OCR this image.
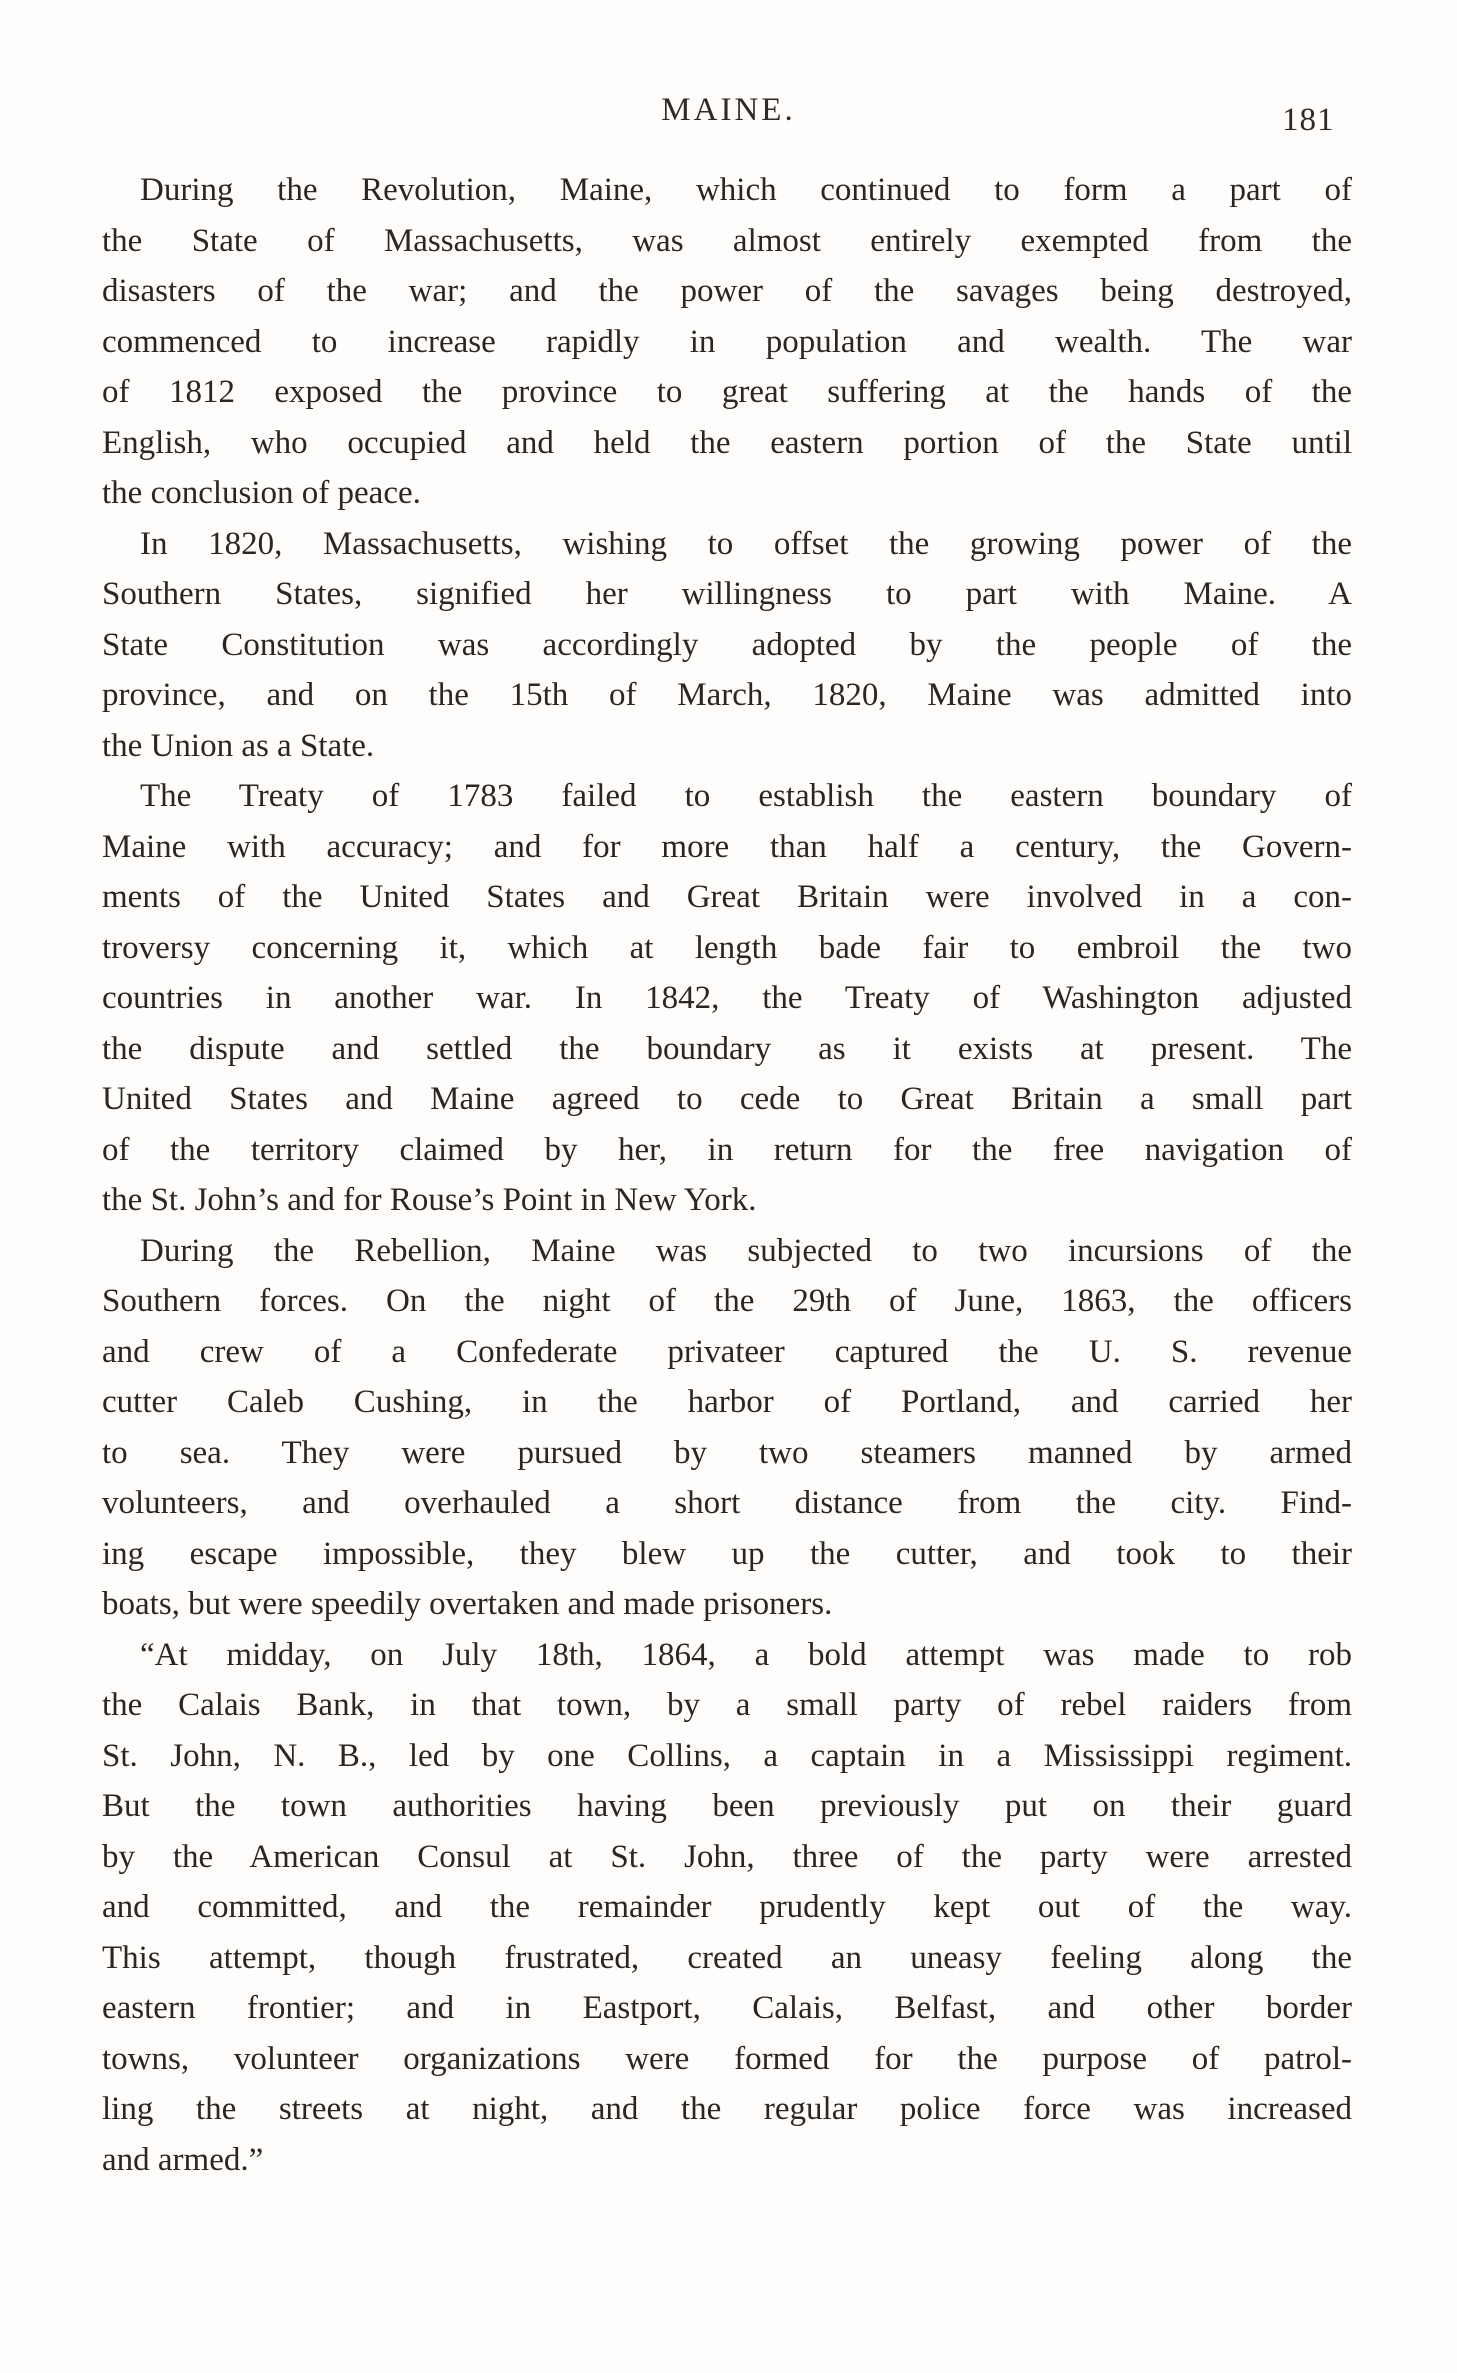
MAINE.	181
During the Revolution, Maine, which continued to form a part of
the State of Massachusetts, was almost entirely exempted from the
disasters of the war; and the power of the savages being destroyed,
commenced to increase rapidly in population and wealth. The war
of 1812 exposed the province to great suffering at the hands of the
English, who occupied and held the eastern portion of the State until
the conclusion of peace.
In 1820, Massachusetts, wishing to offset the growing power of the
Southern States, signified her willingness to part with Maine. A
State Constitution was accordingly adopted by the people of the
province, and on the 15th of March, 1820, Maine was admitted into
the Union as a State.
The Treaty of 1783 failed to establish the eastern boundary of
Maine with accuracy; and for more than half a century, the Govern-
ments of the United States and Great Britain were involved in a con-
troversy concerning it, which at length bade fair to embroil the two
countries in another war. In 1842, the Treaty of Washington adjusted
the dispute and settled the boundary as it exists at present. The
United States and Maine agreed to cede to Great Britain a small part
of the territory claimed by her, in return for the free navigation of
the St. John’s and for Rouse’s Point in New York.
During the Rebellion, Maine was subjected to two incursions of the
Southern forces. On the night of the 29th of June, 1863, the officers
and crew of a Confederate privateer captured the U. S. revenue
cutter Caleb Cushing, in the harbor of Portland, and carried her
to sea. They were pursued by two steamers manned by armed
volunteers, and overhauled a short distance from the city. Find-
ing escape impossible, they blew up the cutter, and took to their
boats, but were speedily overtaken and made prisoners.
“At midday, on July 18th, 1864, a bold attempt was made to rob
the Calais Bank, in that town, by a small party of rebel raiders from
St. John, N. B., led by one Collins, a captain in a Mississippi regiment.
But the town authorities having been previously put on their guard
by the American Consul at St. John, three of the party were arrested
and committed, and the remainder prudently kept out of the way.
This attempt, though frustrated, created an uneasy feeling along the
eastern frontier; and in Eastport, Calais, Belfast, and other border
towns, volunteer organizations were formed for the purpose of patrol-
ling the streets at night, and the regular police force was increased
and armed.”
